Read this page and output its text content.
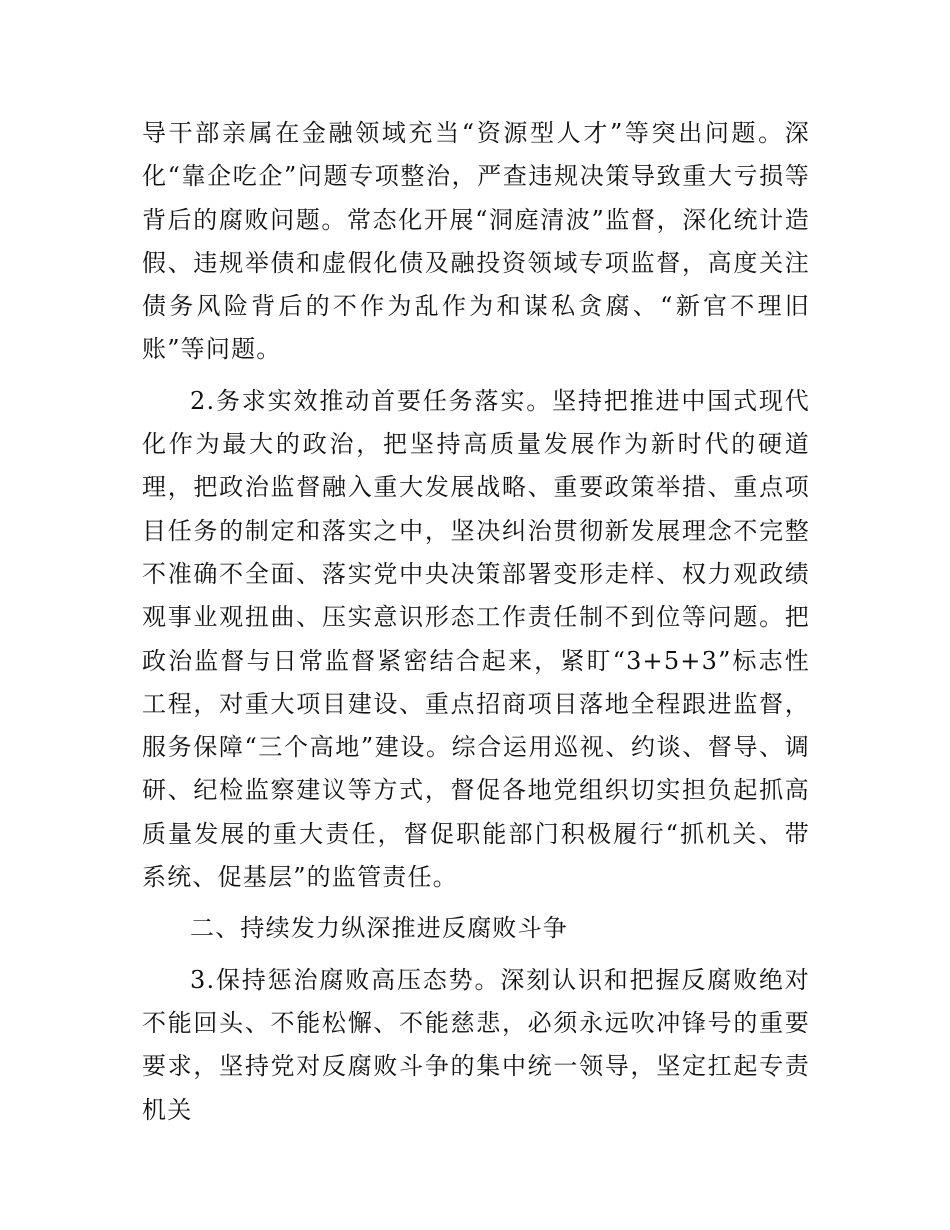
导干部亲属在金融领域充当“资源型人才”等突出问题。深化“靠企吃企”问题专项整治，严查违规决策导致重大亏损等背后的腐败问题。常态化开展“洞庭清波”监督，深化统计造假、违规举债和虚假化债及融投资领域专项监督，高度关注债务风险背后的不作为乱作为和谋私贪腐、“新官不理旧账”等问题。

2.务求实效推动首要任务落实。坚持把推进中国式现代化作为最大的政治，把坚持高质量发展作为新时代的硬道理，把政治监督融入重大发展战略、重要政策举措、重点项目任务的制定和落实之中，坚决纠治贯彻新发展理念不完整不准确不全面、落实党中央决策部署变形走样、权力观政绩观事业观扭曲、压实意识形态工作责任制不到位等问题。把政治监督与日常监督紧密结合起来，紧盯“3+5+3”标志性工程，对重大项目建设、重点招商项目落地全程跟进监督，服务保障“三个高地”建设。综合运用巡视、约谈、督导、调研、纪检监察建议等方式，督促各地党组织切实担负起抓高质量发展的重大责任，督促职能部门积极履行“抓机关、带系统、促基层”的监管责任。

二、持续发力纵深推进反腐败斗争

3.保持惩治腐败高压态势。深刻认识和把握反腐败绝对不能回头、不能松懈、不能慈悲，必须永远吹冲锋号的重要要求，坚持党对反腐败斗争的集中统一领导，坚定扛起专责机关
